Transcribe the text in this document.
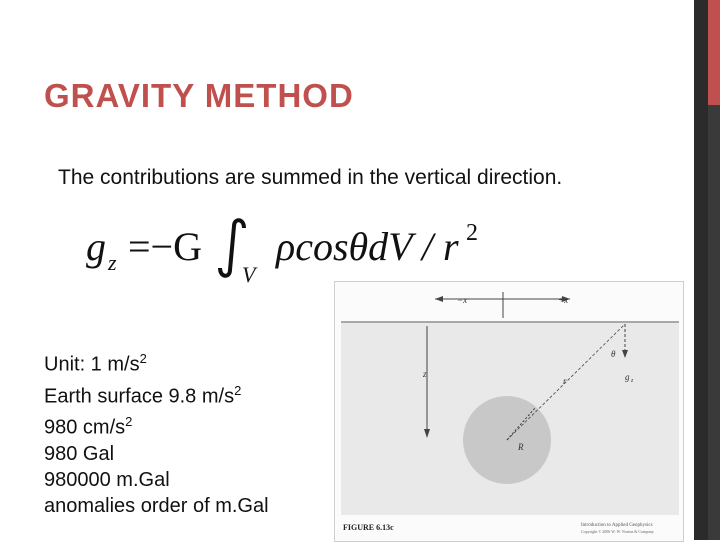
GRAVITY METHOD
The contributions are summed in the vertical direction.
g z =−G
V
ρcosθdV / r 2
Unit: 1 $m/s^2$
Earth surface 9.8 $m/s^2$
980 $cm/s^2$
980 Gal
980000 m.Gal
anomalies order of m.Gal
−x	+x
z
R
r
θ
g z
FIGURE 6.13c	Introduction to Applied Geophysics
Copyright © 2006 W. W. Norton & Company
